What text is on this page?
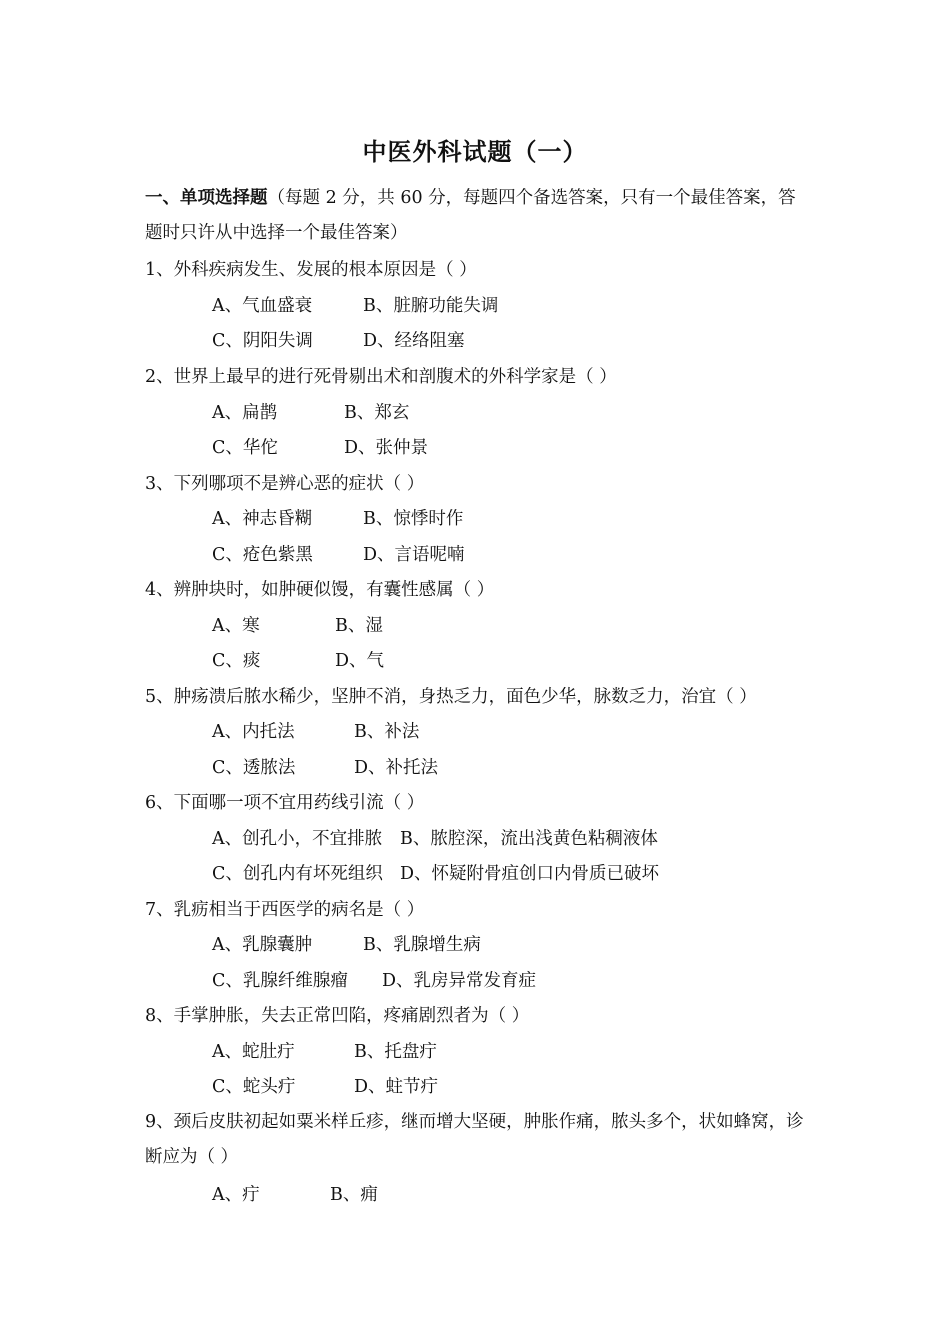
中医外科试题（一）
一、单项选择题（每题 2 分，共 60 分，每题四个备选答案，只有一个最佳答案，答题时只许从中选择一个最佳答案）
1、外科疾病发生、发展的根本原因是（ ）
A、气血盛衰	B、脏腑功能失调
C、阴阳失调	D、经络阻塞
2、世界上最早的进行死骨剔出术和剖腹术的外科学家是（ ）
A、扁鹊	B、郑玄
C、华佗	D、张仲景
3、下列哪项不是辨心恶的症状（ ）
A、神志昏糊	B、惊悸时作
C、疮色紫黑	D、言语呢喃
4、辨肿块时，如肿硬似馒，有囊性感属（ ）
A、寒	B、湿
C、痰	D、气
5、肿疡溃后脓水稀少，坚肿不消，身热乏力，面色少华，脉数乏力，治宜（ ）
A、内托法	B、补法
C、透脓法	D、补托法
6、下面哪一项不宜用药线引流（ ）
A、创孔小，不宜排脓 B、脓腔深，流出浅黄色粘稠液体
C、创孔内有坏死组织 D、怀疑附骨疽创口内骨质已破坏
7、乳疬相当于西医学的病名是（ ）
A、乳腺囊肿	B、乳腺增生病
C、乳腺纤维腺瘤 D、乳房异常发育症
8、手掌肿胀，失去正常凹陷，疼痛剧烈者为（ ）
A、蛇肚疔	B、托盘疔
C、蛇头疔	D、蛀节疔
9、颈后皮肤初起如粟米样丘疹，继而增大坚硬，肿胀作痛，脓头多个，状如蜂窝，诊断应为（ ）
A、疔	B、痈
